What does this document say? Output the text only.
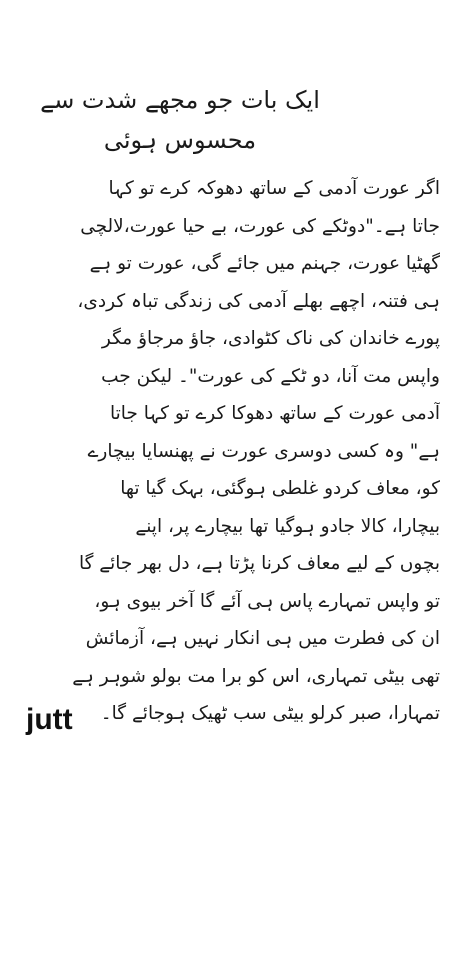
ایک بات جو مجھے شدت سے
محسوس ہوئی
اگر عورت آدمی کے ساتھ دھوکہ کرے تو کہا
جاتا ہے۔"دوٹکے کی عورت، بے حیا عورت،لالچی
گھٹیا عورت، جہنم میں جائے گی، عورت تو ہے
ہی فتنہ، اچھے بھلے آدمی کی زندگی تباہ کردی،
پورے خاندان کی ناک کٹوادی، جاؤ مرجاؤ مگر
واپس مت آنا، دو ٹکے کی عورت"۔ لیکن جب
آدمی عورت کے ساتھ دھوکا کرے تو کہا جاتا
ہے" وہ کسی دوسری عورت نے پھنسایا بیچارے
کو، معاف کردو غلطی ہوگئی، بہک گیا تھا
بیچارا، کالا جادو ہوگیا تھا بیچارے پر، اپنے
بچوں کے لیے معاف کرنا پڑتا ہے، دل بھر جائے گا
تو واپس تمہارے پاس ہی آئے گا آخر بیوی ہو،
ان کی فطرت میں ہی انکار نہیں ہے، آزمائش
تھی بیٹی تمہاری، اس کو برا مت بولو شوہر ہے
تمہارا، صبر کرلو بیٹی سب ٹھیک ہوجائے گا۔
jutt
